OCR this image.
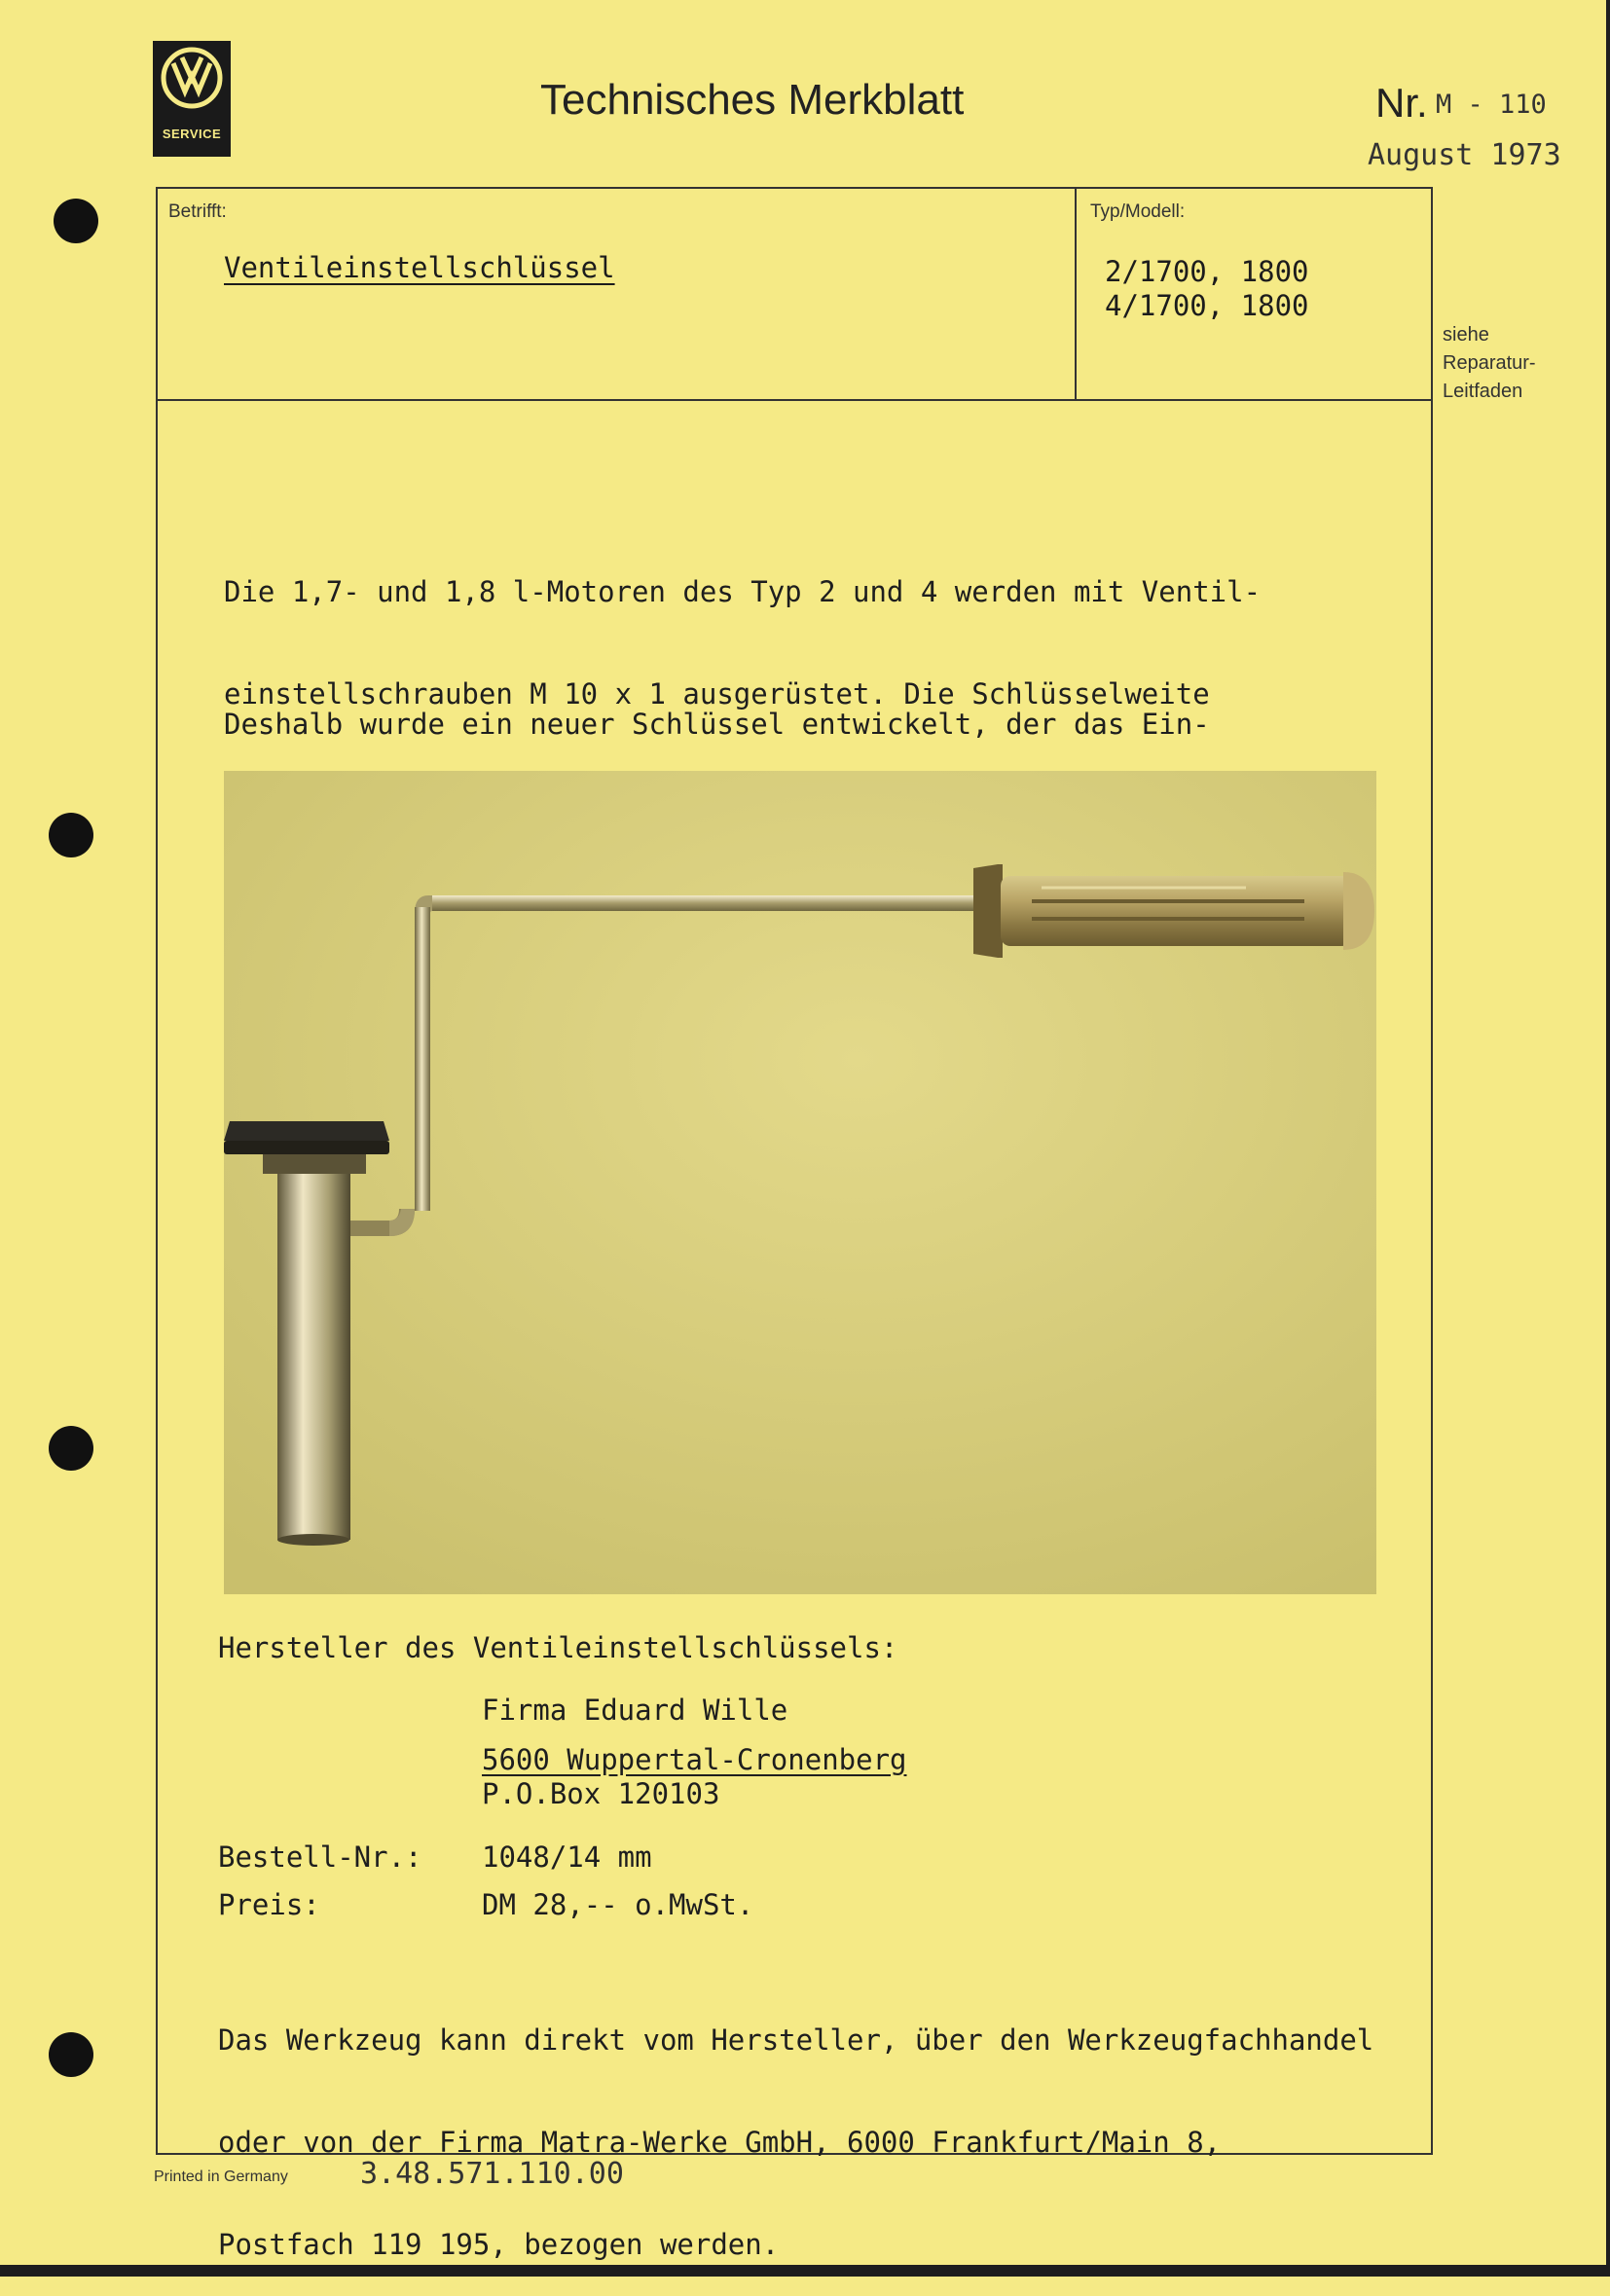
SERVICE
Technisches Merkblatt	Nr. M - 110
August 1973
Betrifft:
Ventileinstellschlüssel
Typ/Modell:
2/1700, 1800
4/1700, 1800
siehe
Reparatur-
Leitfaden

Die 1,7- und 1,8 l-Motoren des Typ 2 und 4 werden mit Ventil-

einstellschrauben M 10 x 1 ausgerüstet. Die Schlüsselweite

Deshalb wurde ein neuer Schlüssel entwickelt, der das Ein-

Hersteller des Ventileinstellschlüssels:
Firma Eduard Wille
5600 Wuppertal-Cronenberg
P.O.Box 120103
Bestell-Nr.: 1048/14 mm
Preis:	DM 28,-- o.MwSt.

Das Werkzeug kann direkt vom Hersteller, über den Werkzeugfachhandel

oder von der Firma Matra-Werke GmbH, 6000 Frankfurt/Main 8,

Postfach 119 195, bezogen werden.

Printed in Germany 3.48.571.110.00
